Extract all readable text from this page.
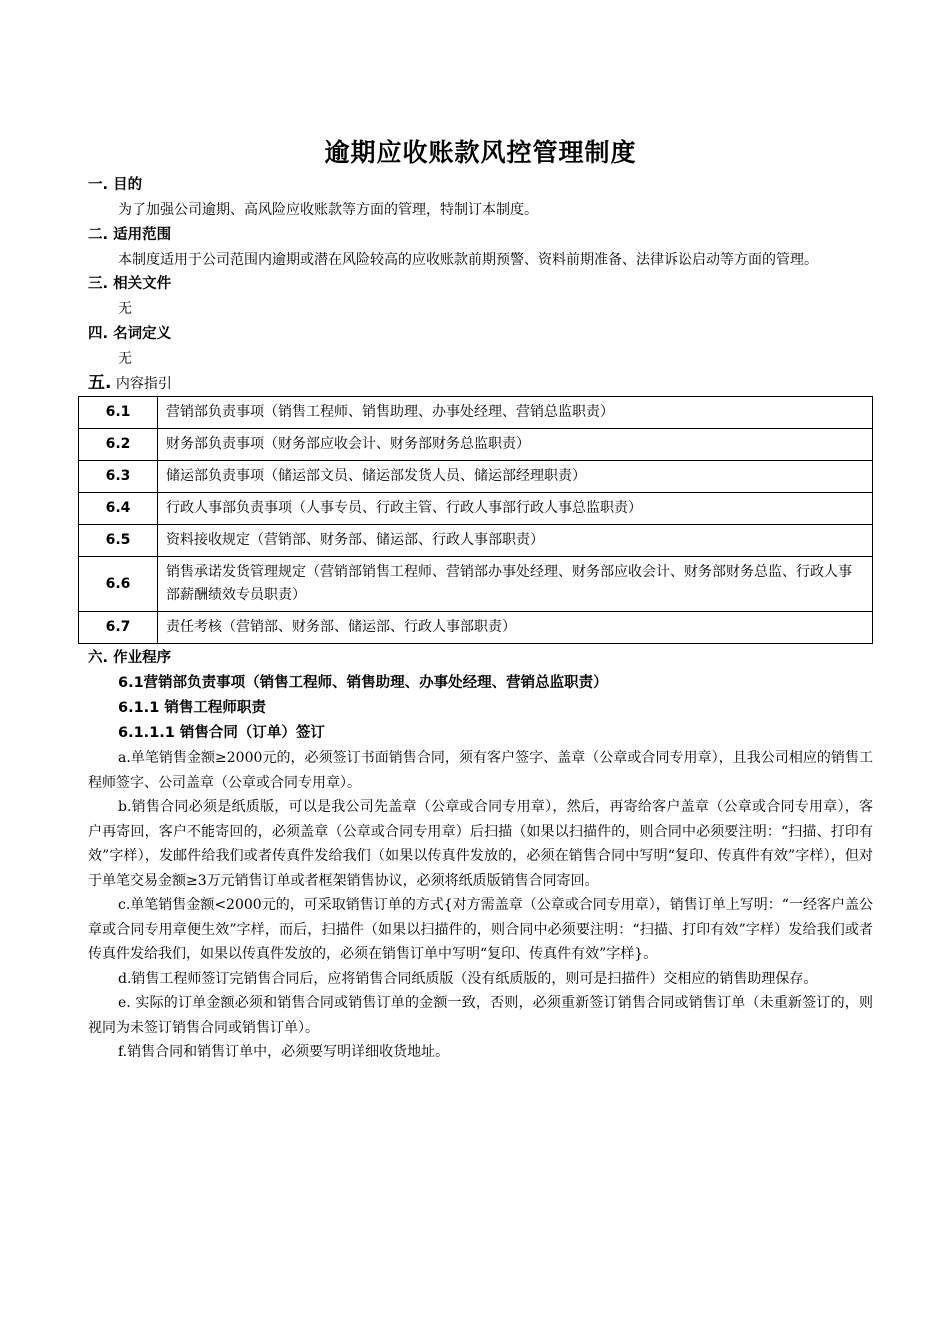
逾期应收账款风控管理制度
一. 目的
为了加强公司逾期、高风险应收账款等方面的管理，特制订本制度。
二. 适用范围
本制度适用于公司范围内逾期或潜在风险较高的应收账款前期预警、资料前期准备、法律诉讼启动等方面的管理。
三. 相关文件
无
四. 名词定义
无
五. 内容指引
6.1	营销部负责事项（销售工程师、销售助理、办事处经理、营销总监职责）
6.2	财务部负责事项（财务部应收会计、财务部财务总监职责）
6.3	储运部负责事项（储运部文员、储运部发货人员、储运部经理职责）
6.4	行政人事部负责事项（人事专员、行政主管、行政人事部行政人事总监职责）
6.5	资料接收规定（营销部、财务部、储运部、行政人事部职责）
6.6	销售承诺发货管理规定（营销部销售工程师、营销部办事处经理、财务部应收会计、财务部财务总监、行政人事部薪酬绩效专员职责）
6.7	责任考核（营销部、财务部、储运部、行政人事部职责）
六. 作业程序
6.1营销部负责事项（销售工程师、销售助理、办事处经理、营销总监职责）
6.1.1 销售工程师职责
6.1.1.1 销售合同（订单）签订
a.单笔销售金额≥2000元的，必须签订书面销售合同，须有客户签字、盖章（公章或合同专用章），且我公司相应的销售工程师签字、公司盖章（公章或合同专用章）。
b.销售合同必须是纸质版，可以是我公司先盖章（公章或合同专用章），然后，再寄给客户盖章（公章或合同专用章），客户再寄回，客户不能寄回的，必须盖章（公章或合同专用章）后扫描（如果以扫描件的，则合同中必须要注明：“扫描、打印有效”字样），发邮件给我们或者传真件发给我们（如果以传真件发放的，必须在销售合同中写明“复印、传真件有效”字样），但对于单笔交易金额≥3万元销售订单或者框架销售协议，必须将纸质版销售合同寄回。
c.单笔销售金额<2000元的，可采取销售订单的方式{对方需盖章（公章或合同专用章），销售订单上写明：“一经客户盖公章或合同专用章便生效”字样，而后，扫描件（如果以扫描件的，则合同中必须要注明：“扫描、打印有效”字样）发给我们或者传真件发给我们，如果以传真件发放的，必须在销售订单中写明“复印、传真件有效”字样}。
d.销售工程师签订完销售合同后，应将销售合同纸质版（没有纸质版的，则可是扫描件）交相应的销售助理保存。
e. 实际的订单金额必须和销售合同或销售订单的金额一致，否则，必须重新签订销售合同或销售订单（未重新签订的，则视同为未签订销售合同或销售订单）。
f.销售合同和销售订单中，必须要写明详细收货地址。
